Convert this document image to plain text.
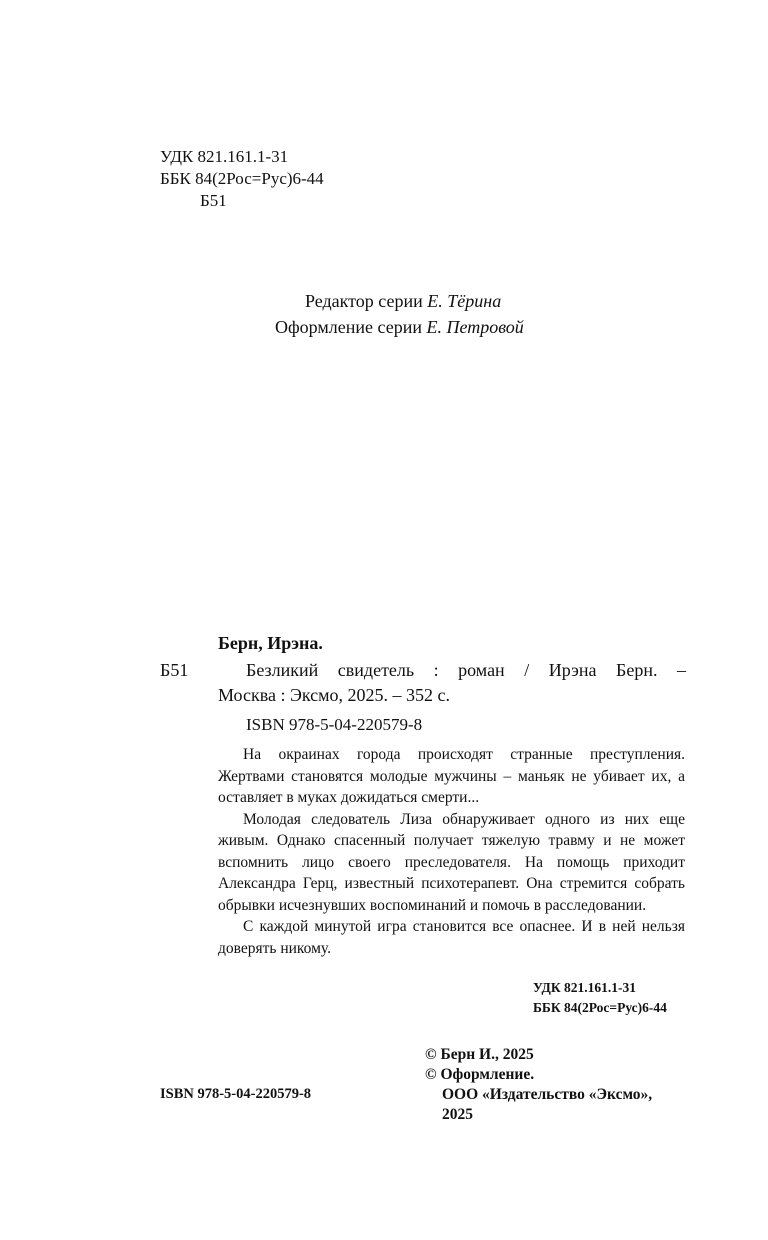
УДК 821.161.1-31
ББК 84(2Рос=Рус)6-44
Б51
Редактор серии Е. Тёрина
Оформление серии Е. Петровой
Берн, Ирэна.
Б51	Безликий свидетель : роман / Ирэна Берн. –
Москва : Эксмо, 2025. – 352 с.
ISBN 978-5-04-220579-8

На окраинах города происходят странные преступления. Жертвами становятся молодые мужчины – маньяк не убивает их, а оставляет в муках дожидаться смерти...

Молодая следователь Лиза обнаруживает одного из них еще живым. Однако спасенный получает тяжелую травму и не может вспомнить лицо своего преследователя. На помощь приходит Александра Герц, известный психотерапевт. Она стремится собрать обрывки исчезнувших воспоминаний и помочь в расследовании.

С каждой минутой игра становится все опаснее. И в ней нельзя доверять никому.

УДК 821.161.1-31
ББК 84(2Рос=Рус)6-44
© Берн И., 2025
© Оформление.
ООО «Издательство «Эксмо»,
2025
ISBN 978-5-04-220579-8
